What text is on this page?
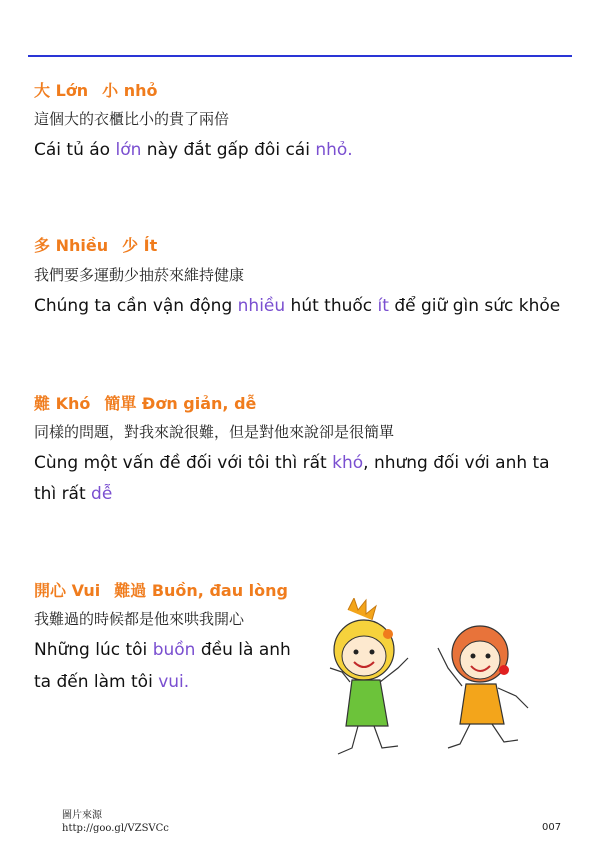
大 Lớn 小 nhỏ
這個大的衣櫃比小的貴了兩倍
Cái tủ áo lớn này đắt gấp đôi cái nhỏ.
多 Nhiều 少 Ít
我們要多運動少抽菸來維持健康
Chúng ta cần vận động nhiều hút thuốc ít để giữ gìn sức khỏe
難 Khó 簡單 Đơn giản, dễ
同樣的問題，對我來說很難，但是對他來說卻是很簡單
Cùng một vấn đề đối với tôi thì rất khó, nhưng đối với anh ta
thì rất dễ
開心 Vui 難過 Buồn, đau lòng
我難過的時候都是他來哄我開心
Những lúc tôi buồn đều là anh
ta đến làm tôi vui.
圖片來源
http://goo.gl/VZSVCc	007
